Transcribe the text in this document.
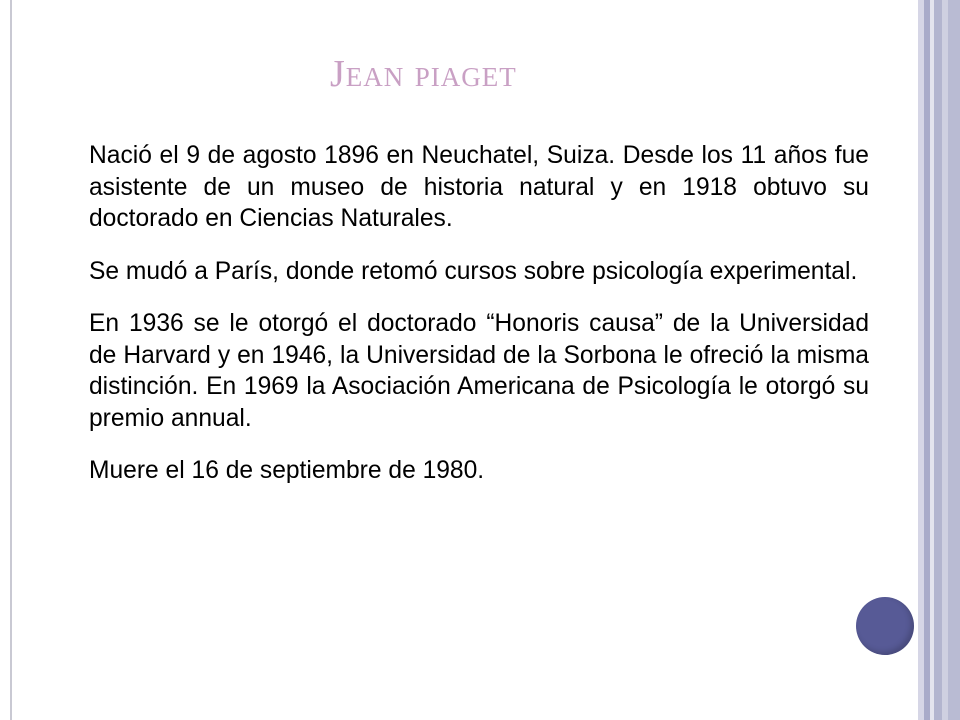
Jean piaget

Nació el 9 de agosto 1896 en Neuchatel, Suiza. Desde los 11 años fue asistente de un museo de historia natural y en 1918 obtuvo su doctorado en Ciencias Naturales.

Se mudó a París, donde retomó cursos sobre psicología experimental.

En 1936 se le otorgó el doctorado “Honoris causa” de la Universidad de Harvard y en 1946, la Universidad de la Sorbona le ofreció la misma distinción. En 1969 la Asociación Americana de Psicología le otorgó su premio annual.

Muere el 16 de septiembre de 1980.
